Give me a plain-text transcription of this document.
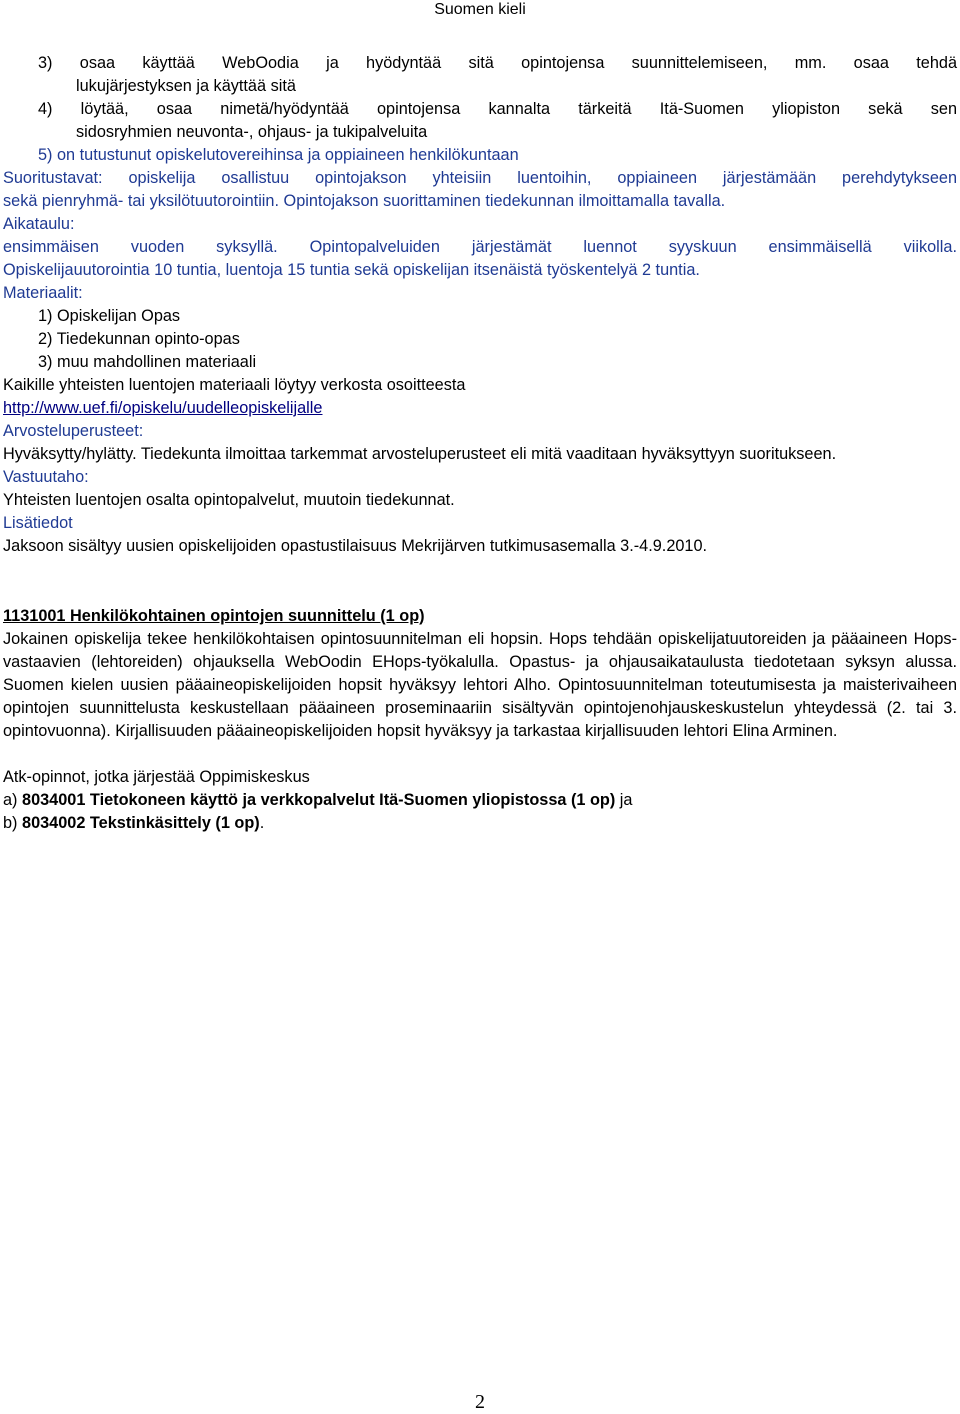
Suomen kieli

3) osaa käyttää WebOodia ja hyödyntää sitä opintojensa suunnittelemiseen, mm. osaa tehdä

lukujärjestyksen ja käyttää sitä

4) löytää, osaa nimetä/hyödyntää opintojensa kannalta tärkeitä Itä-Suomen yliopiston sekä sen

sidosryhmien neuvonta-, ohjaus- ja tukipalveluita

5) on tutustunut opiskelutovereihinsa ja oppiaineen henkilökuntaan

Suoritustavat: opiskelija osallistuu opintojakson yhteisiin luentoihin, oppiaineen järjestämään perehdytykseen

sekä pienryhmä- tai yksilötuutorointiin. Opintojakson suorittaminen tiedekunnan ilmoittamalla tavalla.

Aikataulu:

ensimmäisen vuoden syksyllä. Opintopalveluiden järjestämät luennot syyskuun ensimmäisellä viikolla.

Opiskelijauutorointia 10 tuntia, luentoja 15 tuntia sekä opiskelijan itsenäistä työskentelyä 2 tuntia.

Materiaalit:

1) Opiskelijan Opas

2) Tiedekunnan opinto-opas

3) muu mahdollinen materiaali

Kaikille yhteisten luentojen materiaali löytyy verkosta osoitteesta

http://www.uef.fi/opiskelu/uudelleopiskelijalle

Arvosteluperusteet:

Hyväksytty/hylätty. Tiedekunta ilmoittaa tarkemmat arvosteluperusteet eli mitä vaaditaan hyväksyttyyn suoritukseen.

Vastuutaho:

Yhteisten luentojen osalta opintopalvelut, muutoin tiedekunnat.

Lisätiedot

Jaksoon sisältyy uusien opiskelijoiden opastustilaisuus Mekrijärven tutkimusasemalla 3.-4.9.2010.

1131001 Henkilökohtainen opintojen suunnittelu (1 op)

Jokainen opiskelija tekee henkilökohtaisen opintosuunnitelman eli hopsin. Hops tehdään opiskelijatuutoreiden ja pääaineen Hops-vastaavien (lehtoreiden) ohjauksella WebOodin EHops-työkalulla. Opastus- ja ohjausaikataulusta tiedotetaan syksyn alussa. Suomen kielen uusien pääaineopiskelijoiden hopsit hyväksyy lehtori Alho. Opintosuunnitelman toteutumisesta ja maisterivaiheen opintojen suunnittelusta keskustellaan pääaineen proseminaariin sisältyvän opintojenohjauskeskustelun yhteydessä (2. tai 3. opintovuonna). Kirjallisuuden pääaineopiskelijoiden hopsit hyväksyy ja tarkastaa kirjallisuuden lehtori Elina Arminen.

Atk-opinnot, jotka järjestää Oppimiskeskus

a) 8034001 Tietokoneen käyttö ja verkkopalvelut Itä-Suomen yliopistossa (1 op) ja

b) 8034002 Tekstinkäsittely (1 op).

2
